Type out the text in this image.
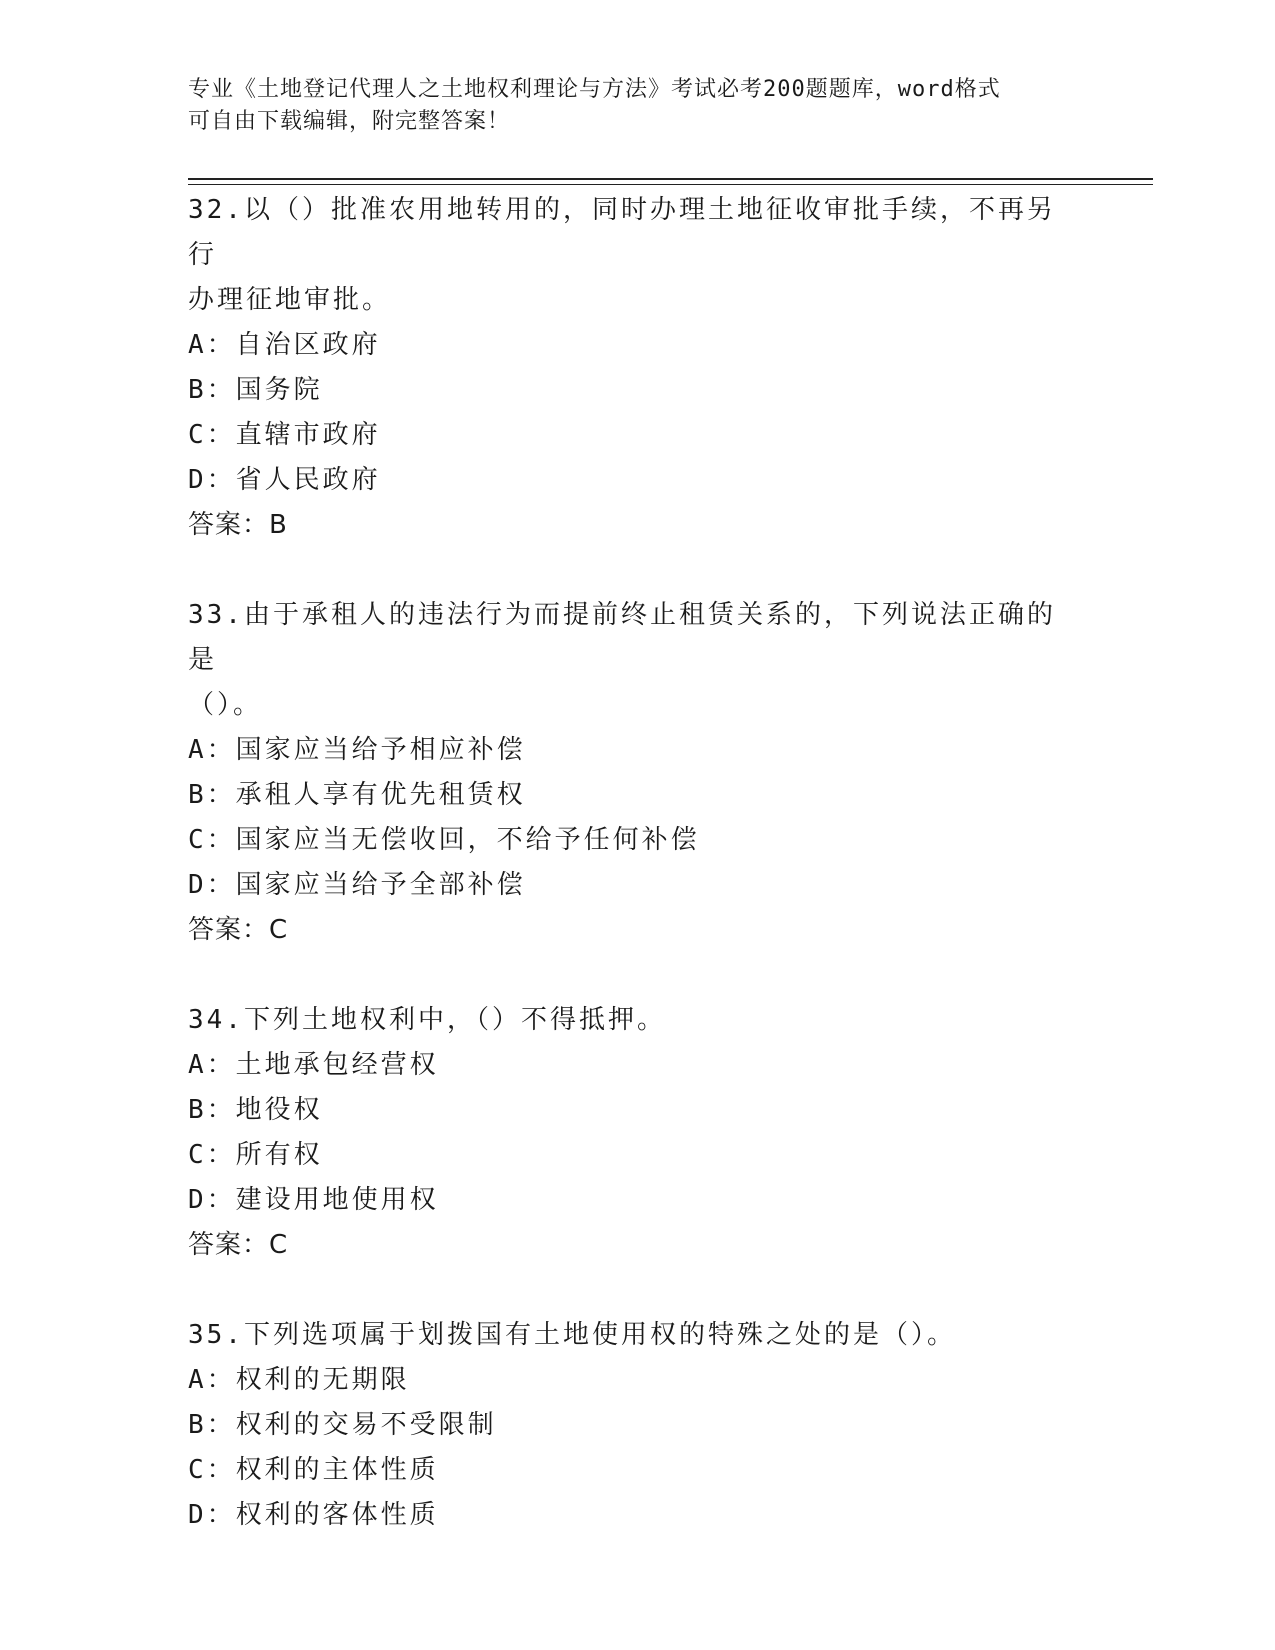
专业《土地登记代理人之土地权利理论与方法》考试必考200题题库，word格式
可自由下载编辑，附完整答案！
32.以（）批准农用地转用的，同时办理土地征收审批手续，不再另行
办理征地审批。
A：自治区政府
B：国务院
C：直辖市政府
D：省人民政府
答案：B
33.由于承租人的违法行为而提前终止租赁关系的，下列说法正确的是
（）。
A：国家应当给予相应补偿
B：承租人享有优先租赁权
C：国家应当无偿收回，不给予任何补偿
D：国家应当给予全部补偿
答案：C
34.下列土地权利中，（）不得抵押。
A：土地承包经营权
B：地役权
C：所有权
D：建设用地使用权
答案：C
35.下列选项属于划拨国有土地使用权的特殊之处的是（）。
A：权利的无期限
B：权利的交易不受限制
C：权利的主体性质
D：权利的客体性质
